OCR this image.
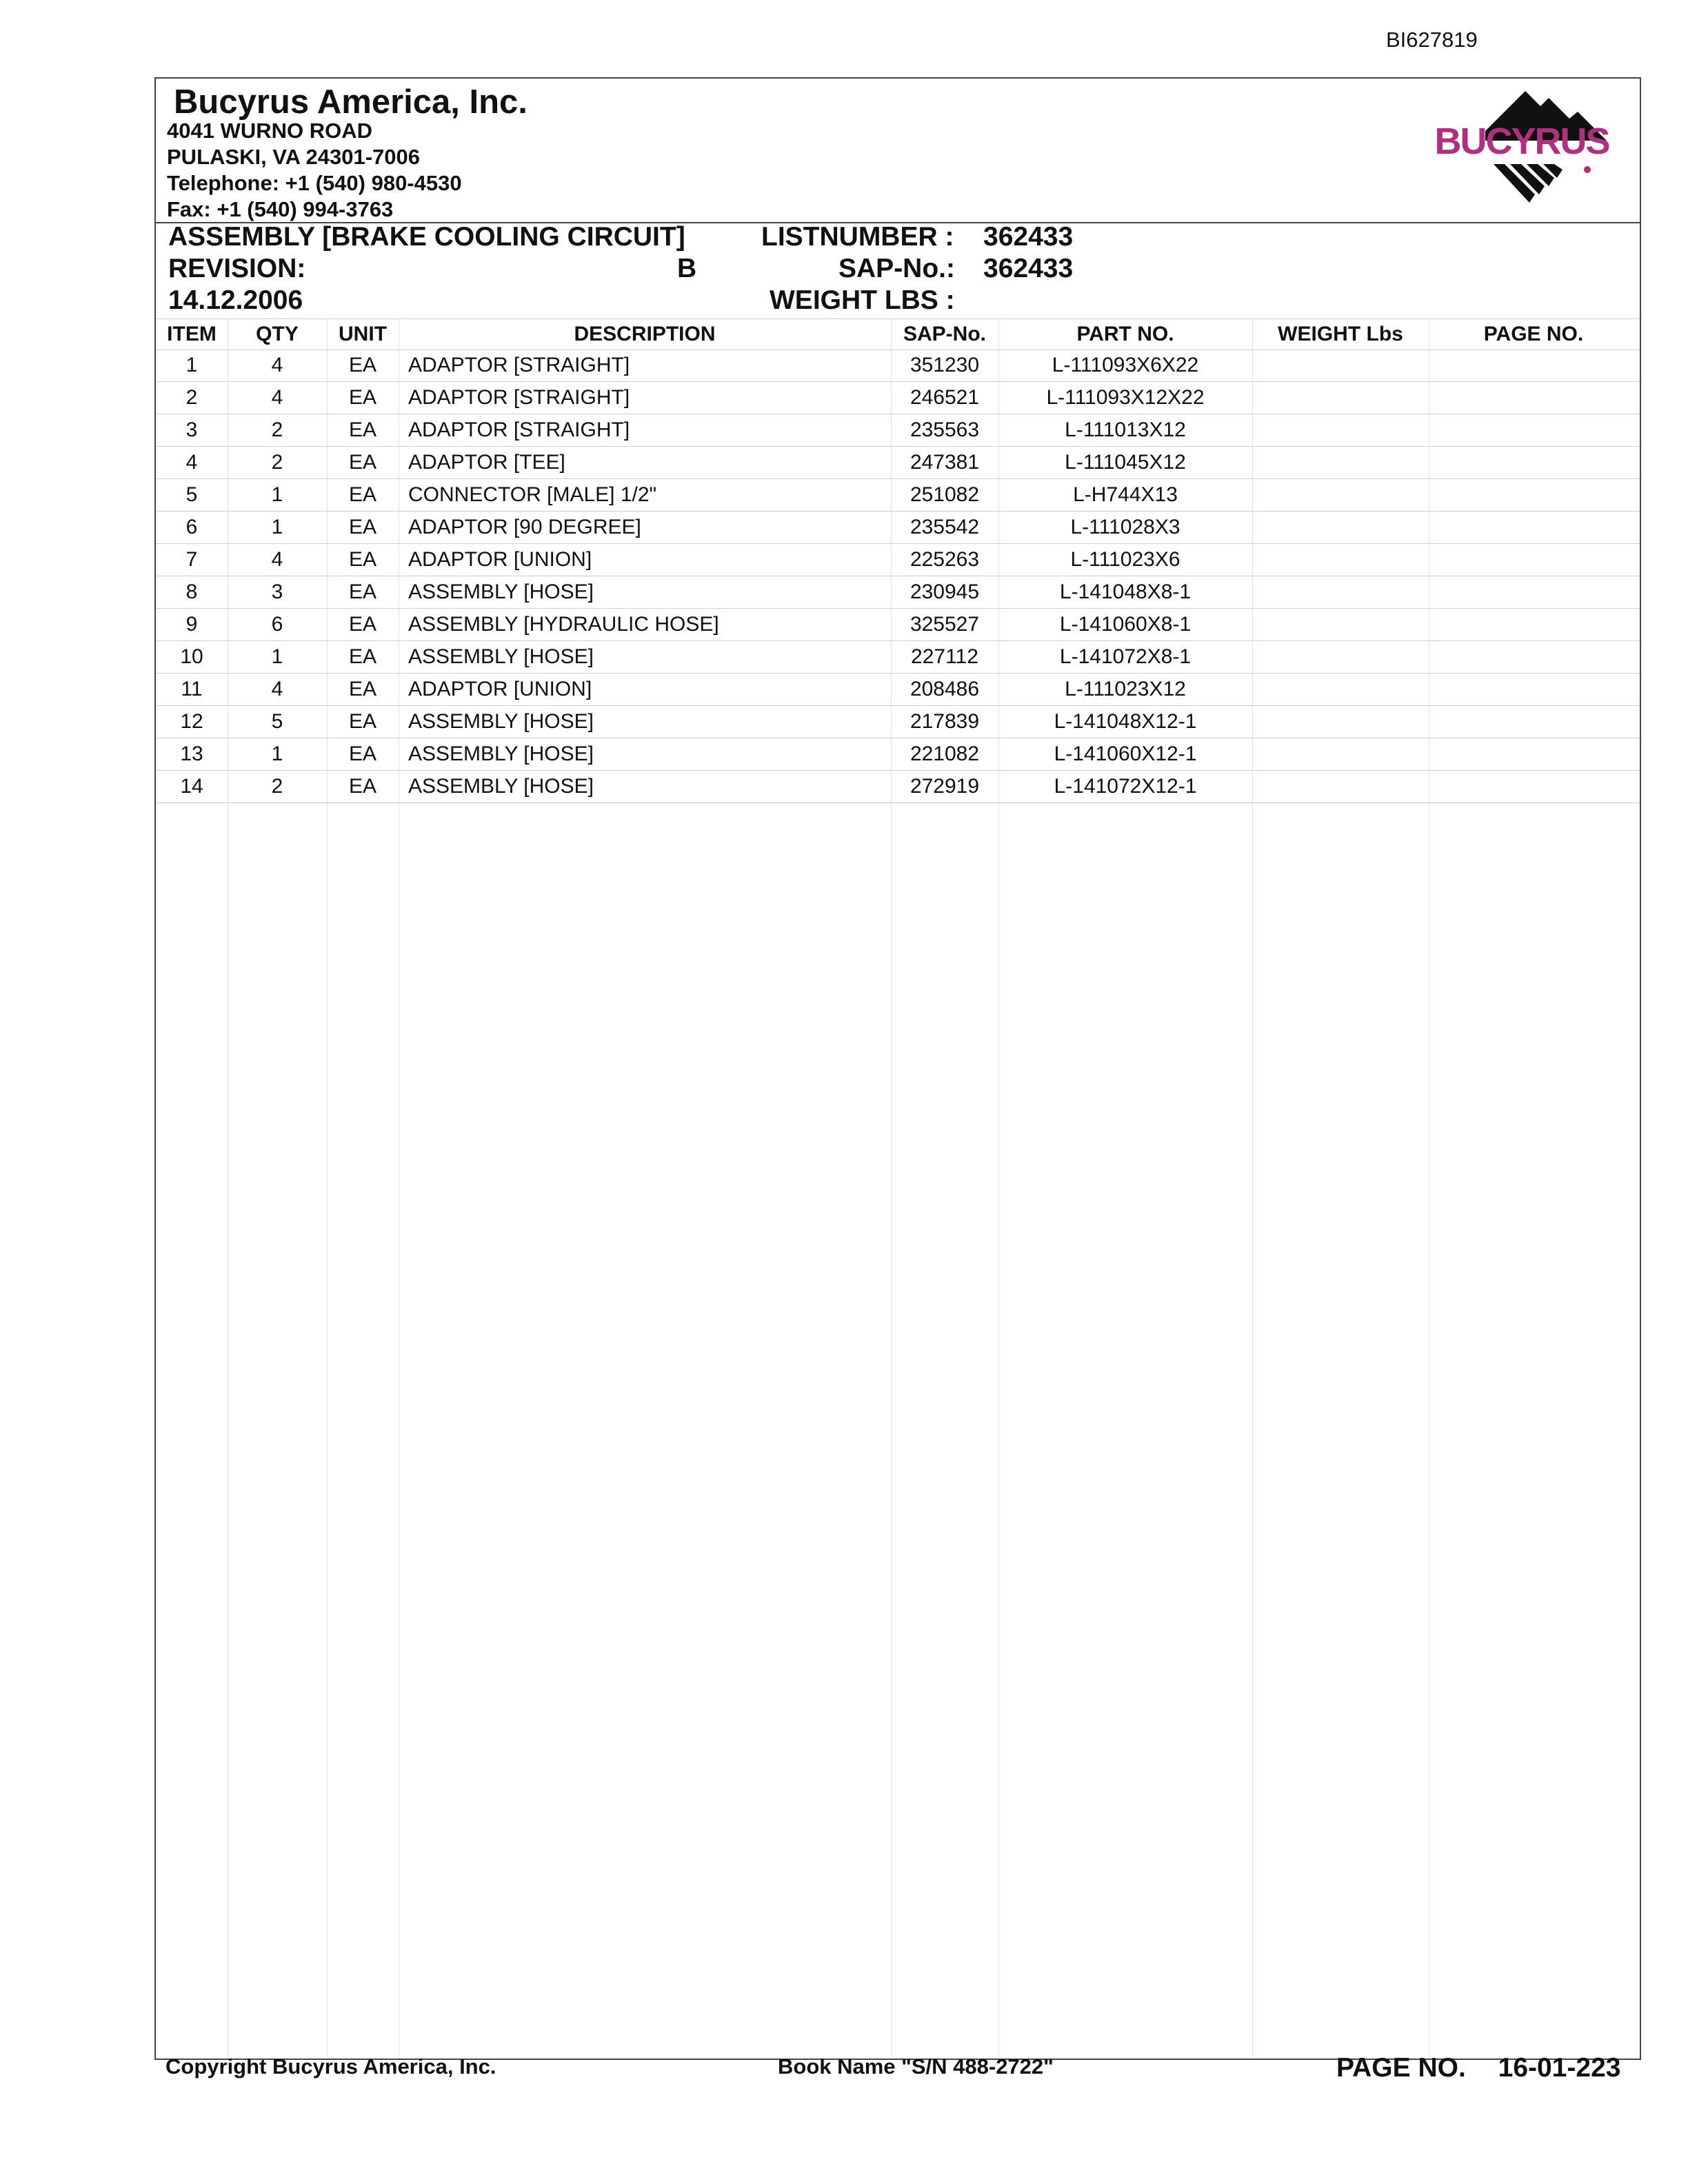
BI627819
Bucyrus America, Inc.
4041 WURNO ROAD
PULASKI, VA 24301-7006
Telephone: +1 (540) 980-4530
Fax: +1 (540) 994-3763
BUCYRUS
ASSEMBLY [BRAKE COOLING CIRCUIT]	LISTNUMBER : 362433
REVISION:	B	SAP-No.: 362433
14.12.2006	WEIGHT LBS :
ITEM	QTY	UNIT	DESCRIPTION	SAP-No.	PART NO.	WEIGHT Lbs	PAGE NO.
1	4	EA	ADAPTOR [STRAIGHT]	351230	L-111093X6X22
2	4	EA	ADAPTOR [STRAIGHT]	246521	L-111093X12X22
3	2	EA	ADAPTOR [STRAIGHT]	235563	L-111013X12
4	2	EA	ADAPTOR [TEE]	247381	L-111045X12
5	1	EA	CONNECTOR [MALE] 1/2"	251082	L-H744X13
6	1	EA	ADAPTOR [90 DEGREE]	235542	L-111028X3
7	4	EA	ADAPTOR [UNION]	225263	L-111023X6
8	3	EA	ASSEMBLY [HOSE]	230945	L-141048X8-1
9	6	EA	ASSEMBLY [HYDRAULIC HOSE]	325527	L-141060X8-1
10	1	EA	ASSEMBLY [HOSE]	227112	L-141072X8-1
11	4	EA	ADAPTOR [UNION]	208486	L-111023X12
12	5	EA	ASSEMBLY [HOSE]	217839	L-141048X12-1
13	1	EA	ASSEMBLY [HOSE]	221082	L-141060X12-1
14	2	EA	ASSEMBLY [HOSE]	272919	L-141072X12-1
Copyright Bucyrus America, Inc.	Book Name "S/N 488-2722"	PAGE NO. 16-01-223
